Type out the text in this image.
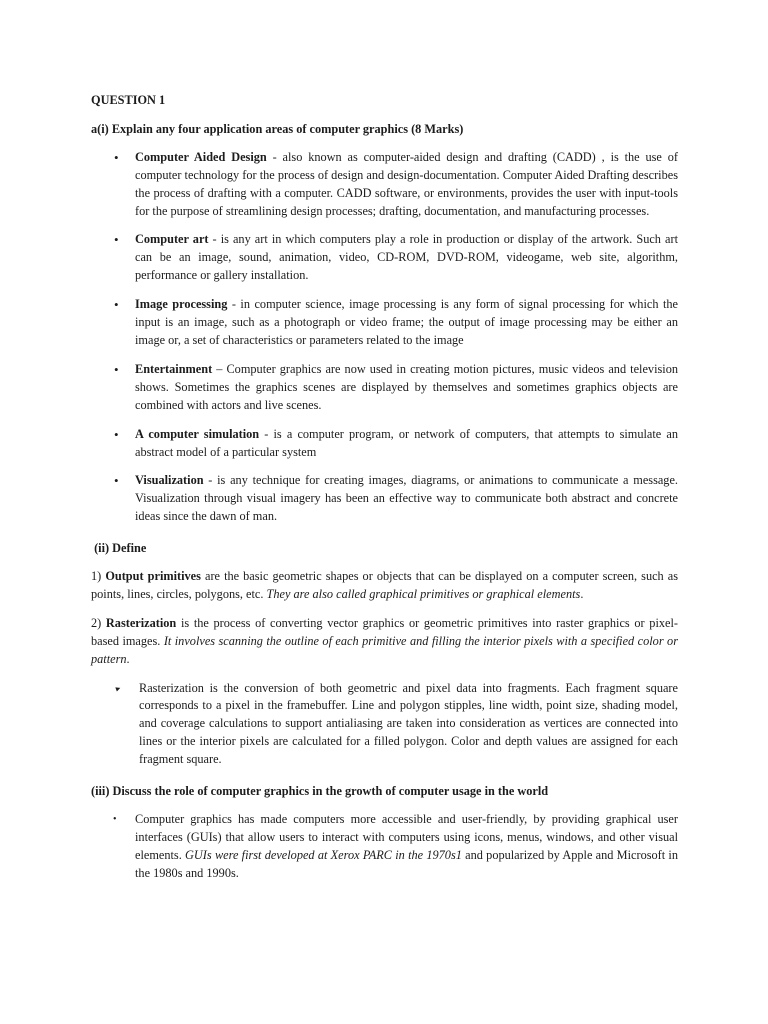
QUESTION 1

a(i) Explain any four application areas of computer graphics (8 Marks)

• Computer Aided Design - also known as computer-aided design and drafting (CADD) , is the use of computer technology for the process of design and design-documentation. Computer Aided Drafting describes the process of drafting with a computer. CADD software, or environments, provides the user with input-tools for the purpose of streamlining design processes; drafting, documentation, and manufacturing processes.
• Computer art - is any art in which computers play a role in production or display of the artwork. Such art can be an image, sound, animation, video, CD-ROM, DVD-ROM, videogame, web site, algorithm, performance or gallery installation.
• Image processing - in computer science, image processing is any form of signal processing for which the input is an image, such as a photograph or video frame; the output of image processing may be either an image or, a set of characteristics or parameters related to the image
• Entertainment – Computer graphics are now used in creating motion pictures, music videos and television shows. Sometimes the graphics scenes are displayed by themselves and sometimes graphics objects are combined with actors and live scenes.
• A computer simulation - is a computer program, or network of computers, that attempts to simulate an abstract model of a particular system
• Visualization - is any technique for creating images, diagrams, or animations to communicate a message. Visualization through visual imagery has been an effective way to communicate both abstract and concrete ideas since the dawn of man.

(ii) Define

1) Output primitives are the basic geometric shapes or objects that can be displayed on a computer screen, such as points, lines, circles, polygons, etc. They are also called graphical primitives or graphical elements.

2) Rasterization is the process of converting vector graphics or geometric primitives into raster graphics or pixel-based images. It involves scanning the outline of each primitive and filling the interior pixels with a specified color or pattern.

▸ Rasterization is the conversion of both geometric and pixel data into fragments. Each fragment square corresponds to a pixel in the framebuffer. Line and polygon stipples, line width, point size, shading model, and coverage calculations to support antialiasing are taken into consideration as vertices are connected into lines or the interior pixels are calculated for a filled polygon. Color and depth values are assigned for each fragment square.

(iii) Discuss the role of computer graphics in the growth of computer usage in the world

• Computer graphics has made computers more accessible and user-friendly, by providing graphical user interfaces (GUIs) that allow users to interact with computers using icons, menus, windows, and other visual elements. GUIs were first developed at Xerox PARC in the 1970s1 and popularized by Apple and Microsoft in the 1980s and 1990s.
